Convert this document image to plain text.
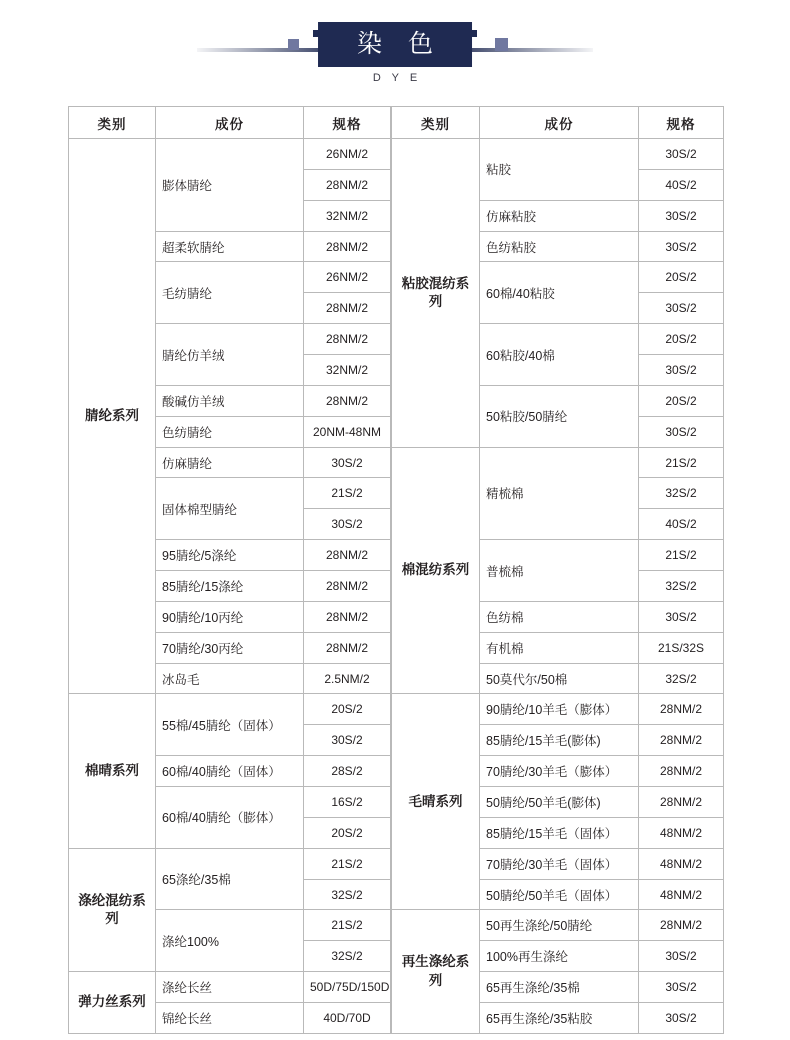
染 色
D Y E
类别	成份	规格
腈纶系列	膨体腈纶	26NM/2
		28NM/2
		32NM/2
	超柔软腈纶	28NM/2
	毛纺腈纶	26NM/2
		28NM/2
	腈纶仿羊绒	28NM/2
		32NM/2
	酸碱仿羊绒	28NM/2
	色纺腈纶	20NM-48NM
	仿麻腈纶	30S/2
	固体棉型腈纶	21S/2
		30S/2
	95腈纶/5涤纶	28NM/2
	85腈纶/15涤纶	28NM/2
	90腈纶/10丙纶	28NM/2
	70腈纶/30丙纶	28NM/2
	冰岛毛	2.5NM/2
棉晴系列	55棉/45腈纶（固体）	20S/2
		30S/2
	60棉/40腈纶（固体）	28S/2
	60棉/40腈纶（膨体）	16S/2
		20S/2
涤纶混纺系列	65涤纶/35棉	21S/2
		32S/2
	涤纶100%	21S/2
		32S/2
弹力丝系列	涤纶长丝	50D/75D/150D
	锦纶长丝	40D/70D
类别	成份	规格
粘胶混纺系列	粘胶	30S/2
		40S/2
	仿麻粘胶	30S/2
	色纺粘胶	30S/2
	60棉/40粘胶	20S/2
		30S/2
	60粘胶/40棉	20S/2
		30S/2
	50粘胶/50腈纶	20S/2
		30S/2
棉混纺系列	精梳棉	21S/2
		32S/2
		40S/2
	普梳棉	21S/2
		32S/2
	色纺棉	30S/2
	有机棉	21S/32S
	50莫代尔/50棉	32S/2
毛晴系列	90腈纶/10羊毛（膨体）	28NM/2
	85腈纶/15羊毛(膨体)	28NM/2
	70腈纶/30羊毛（膨体）	28NM/2
	50腈纶/50羊毛(膨体)	28NM/2
	85腈纶/15羊毛（固体）	48NM/2
	70腈纶/30羊毛（固体）	48NM/2
	50腈纶/50羊毛（固体）	48NM/2
再生涤纶系列	50再生涤纶/50腈纶	28NM/2
	100%再生涤纶	30S/2
	65再生涤纶/35棉	30S/2
	65再生涤纶/35粘胶	30S/2
